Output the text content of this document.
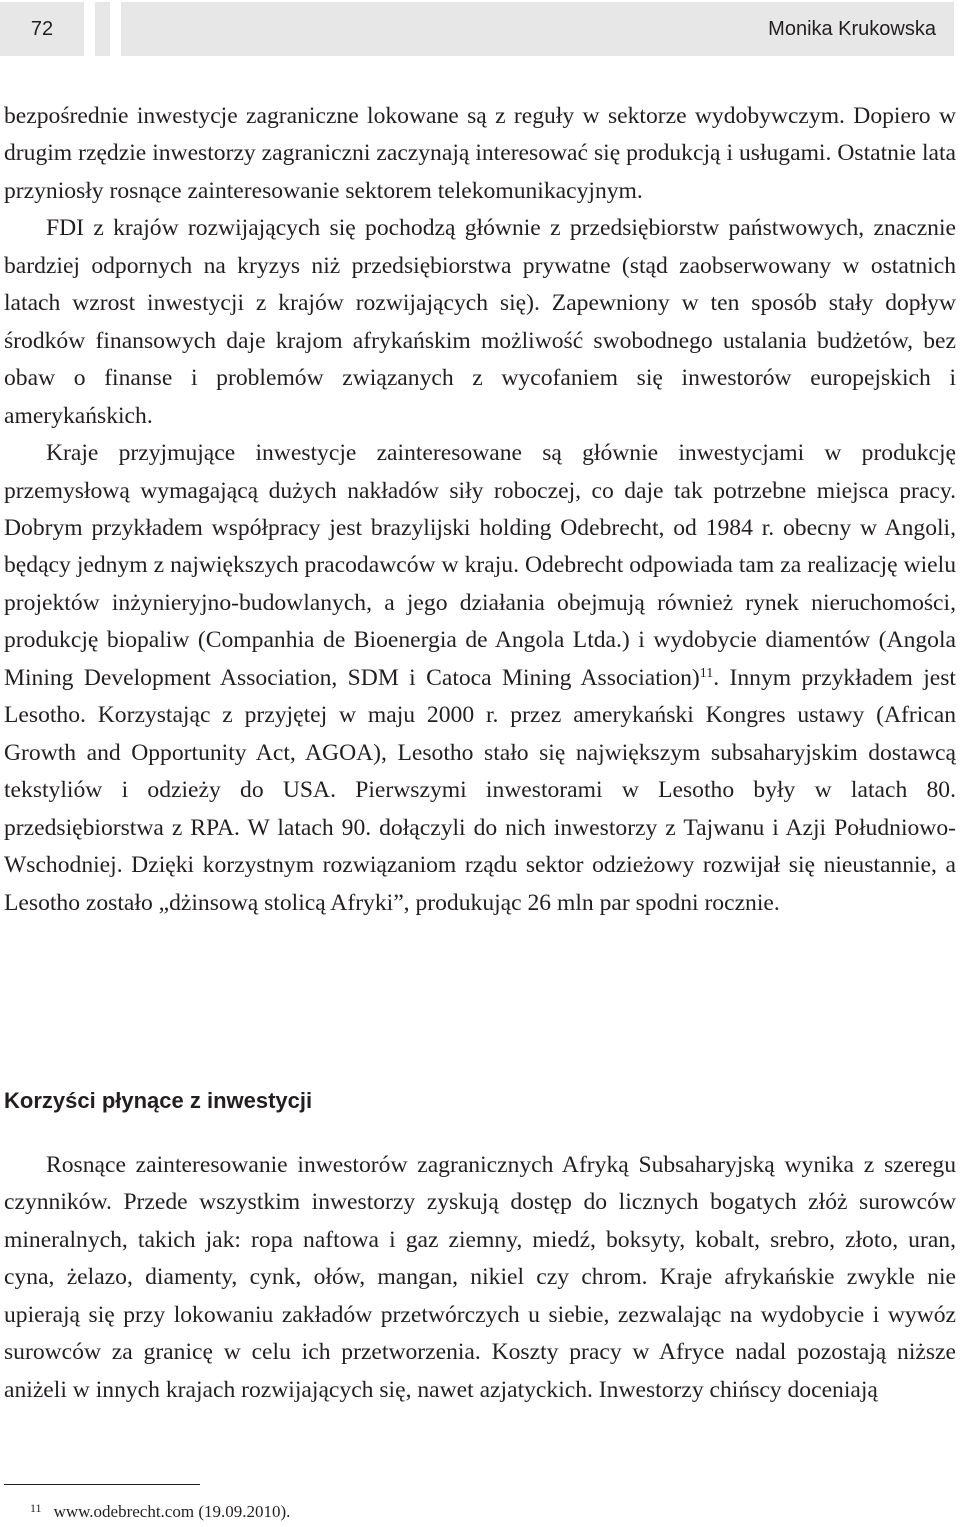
72	Monika Krukowska

bezpośrednie inwestycje zagraniczne lokowane są z reguły w sektorze wydobywczym. Dopiero w drugim rzędzie inwestorzy zagraniczni zaczynają interesować się produkcją i usługami. Ostatnie lata przyniosły rosnące zainteresowanie sektorem telekomunikacyjnym.

FDI z krajów rozwijających się pochodzą głównie z przedsiębiorstw państwowych, znacznie bardziej odpornych na kryzys niż przedsiębiorstwa prywatne (stąd zaobserwowany w ostatnich latach wzrost inwestycji z krajów rozwijających się). Zapewniony w ten sposób stały dopływ środków finansowych daje krajom afrykańskim możliwość swobodnego ustalania budżetów, bez obaw o finanse i problemów związanych z wycofaniem się inwestorów europejskich i amerykańskich.

Kraje przyjmujące inwestycje zainteresowane są głównie inwestycjami w produkcję przemysłową wymagającą dużych nakładów siły roboczej, co daje tak potrzebne miejsca pracy. Dobrym przykładem współpracy jest brazylijski holding Odebrecht, od 1984 r. obecny w Angoli, będący jednym z największych pracodawców w kraju. Odebrecht odpowiada tam za realizację wielu projektów inżynieryjno-budowlanych, a jego działania obejmują również rynek nieruchomości, produkcję biopaliw (Companhia de Bioenergia de Angola Ltda.) i wydobycie diamentów (Angola Mining Development Association, SDM i Catoca Mining Association)$^{11}$. Innym przykładem jest Lesotho. Korzystając z przyjętej w maju 2000 r. przez amerykański Kongres ustawy (African Growth and Opportunity Act, AGOA), Lesotho stało się największym subsaharyjskim dostawcą tekstyliów i odzieży do USA. Pierwszymi inwestorami w Lesotho były w latach 80. przedsiębiorstwa z RPA. W latach 90. dołączyli do nich inwestorzy z Tajwanu i Azji Południowo-Wschodniej. Dzięki korzystnym rozwiązaniom rządu sektor odzieżowy rozwijał się nieustannie, a Lesotho zostało „dżinsową stolicą Afryki”, produkując 26 mln par spodni rocznie.

Korzyści płynące z inwestycji

Rosnące zainteresowanie inwestorów zagranicznych Afryką Subsaharyjską wynika z szeregu czynników. Przede wszystkim inwestorzy zyskują dostęp do licznych bogatych złóż surowców mineralnych, takich jak: ropa naftowa i gaz ziemny, miedź, boksyty, kobalt, srebro, złoto, uran, cyna, żelazo, diamenty, cynk, ołów, mangan, nikiel czy chrom. Kraje afrykańskie zwykle nie upierają się przy lokowaniu zakładów przetwórczych u siebie, zezwalając na wydobycie i wywóz surowców za granicę w celu ich przetworzenia. Koszty pracy w Afryce nadal pozostają niższe aniżeli w innych krajach rozwijających się, nawet azjatyckich. Inwestorzy chińscy doceniają

$^{11}$ www.odebrecht.com (19.09.2010).
